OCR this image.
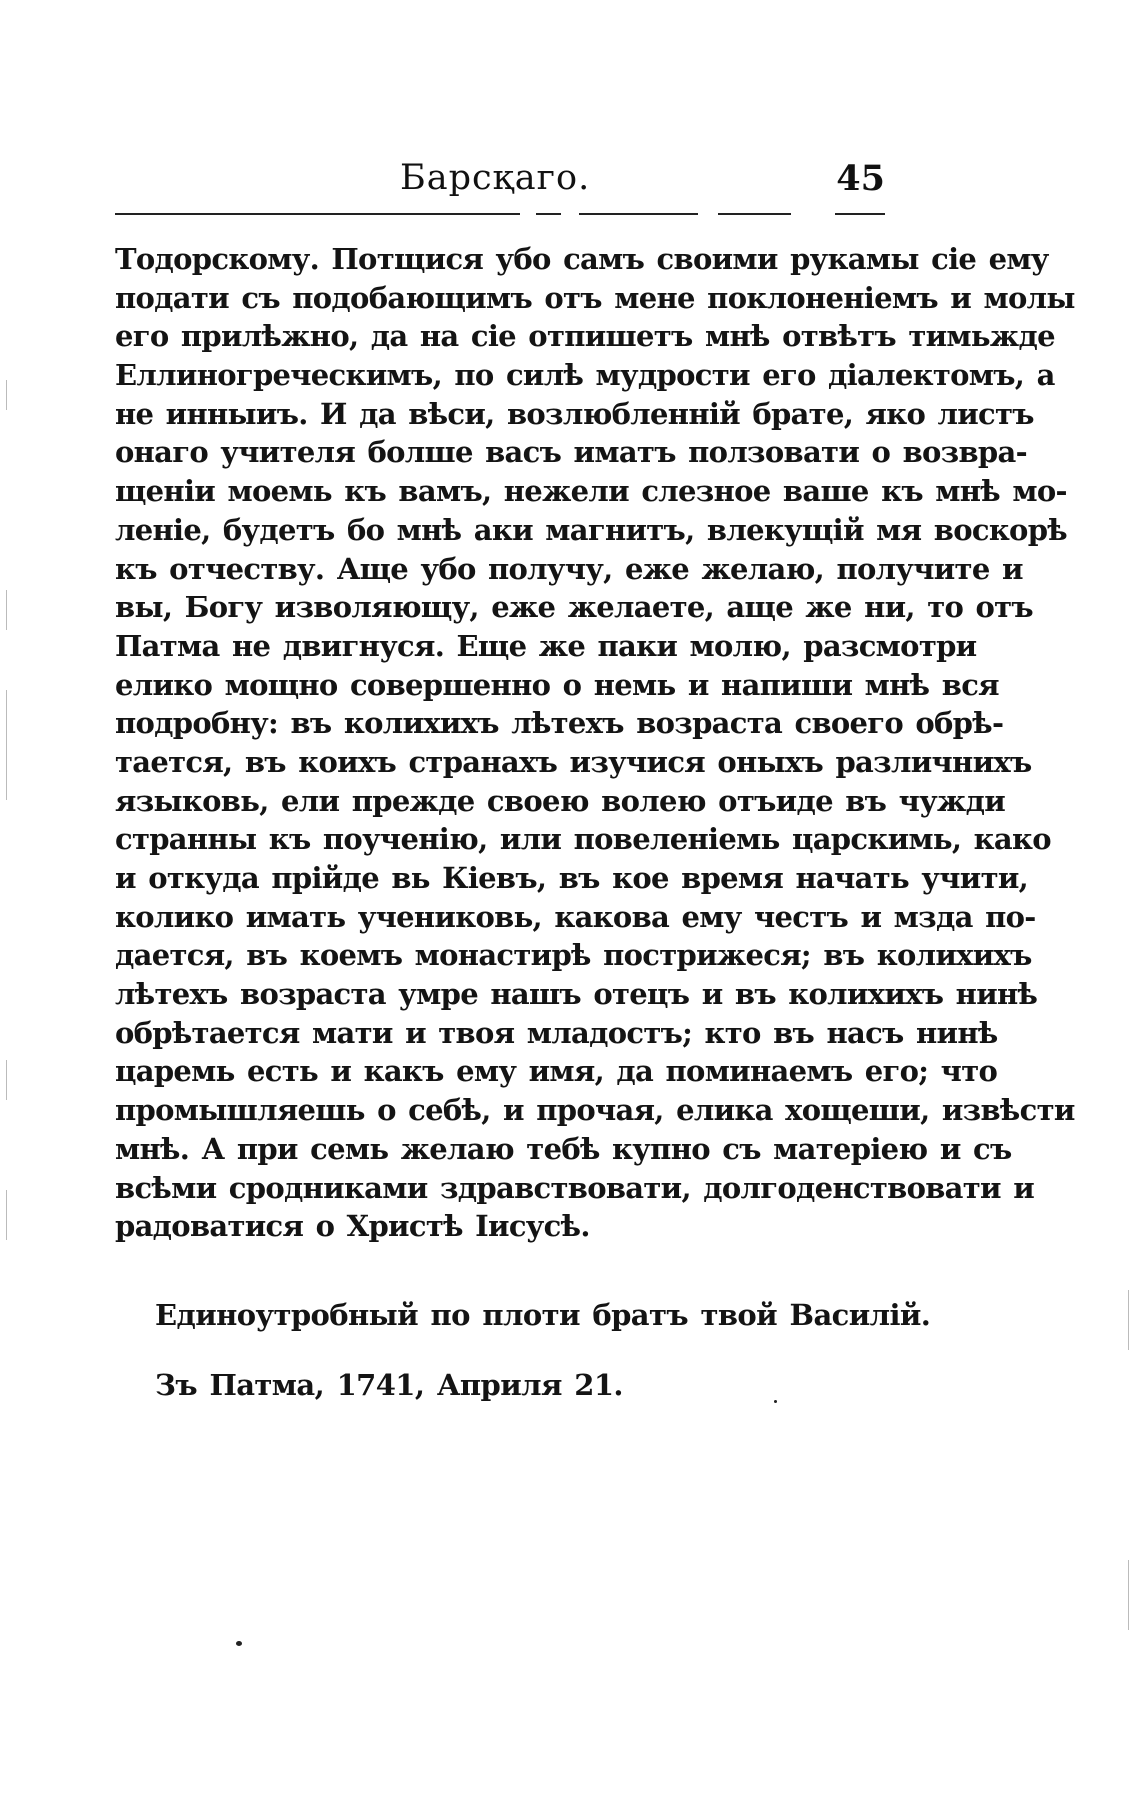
Барсқаго.	45
Тодорскому. Потщися убо самъ своими рукамы сіе ему
подати съ подобающимъ отъ мене поклоненіемъ и молы
его прилѣжно, да на сіе отпишетъ мнѣ отвѣтъ тимьжде
Еллиногреческимъ, по силѣ мудрости его діалектомъ, а
не инныиъ. И да вѣси, возлюбленній брате, яко листъ
онаго учителя болше васъ иматъ ползовати о возвра-
щеніи моемь къ вамъ, нежели слезное ваше къ мнѣ мо-
леніе, будетъ бо мнѣ аки магнитъ, влекущій мя воскорѣ
къ отчеству. Аще убо получу, еже желаю, получите и
вы, Богу изволяющу, еже желаете, аще же ни, то отъ
Патма не двигнуся. Еще же паки молю, разсмотри
елико мощно совершенно о немь и напиши мнѣ вся
подробну: въ колихихъ лѣтехъ возраста своего обрѣ-
тается, въ коихъ странахъ изучися оныхъ различнихъ
языковь, ели прежде своею волею отъиде въ чужди
странны къ поученію, или повеленіемь царскимь, како
и откуда прійде вь Кіевъ, въ кое время начать учити,
колико имать учениковь, какова ему честъ и мзда по-
дается, въ коемъ монастирѣ пострижеся; въ колихихъ
лѣтехъ возраста умре нашъ отецъ и въ колихихъ нинѣ
обрѣтается мати и твоя младостъ; кто въ насъ нинѣ
царемь есть и какъ ему имя, да поминаемъ его; что
промышляешь о себѣ, и прочая, елика хощеши, извѣсти
мнѣ. А при семь желаю тебѣ купно съ матеріею и съ
всѣми сродниками здравствовати, долгоденствовати и
радоватися о Христѣ Іисусѣ.
Единоутробный по плоти братъ твой Василій.
Зъ Патма, 1741, Априля 21.
